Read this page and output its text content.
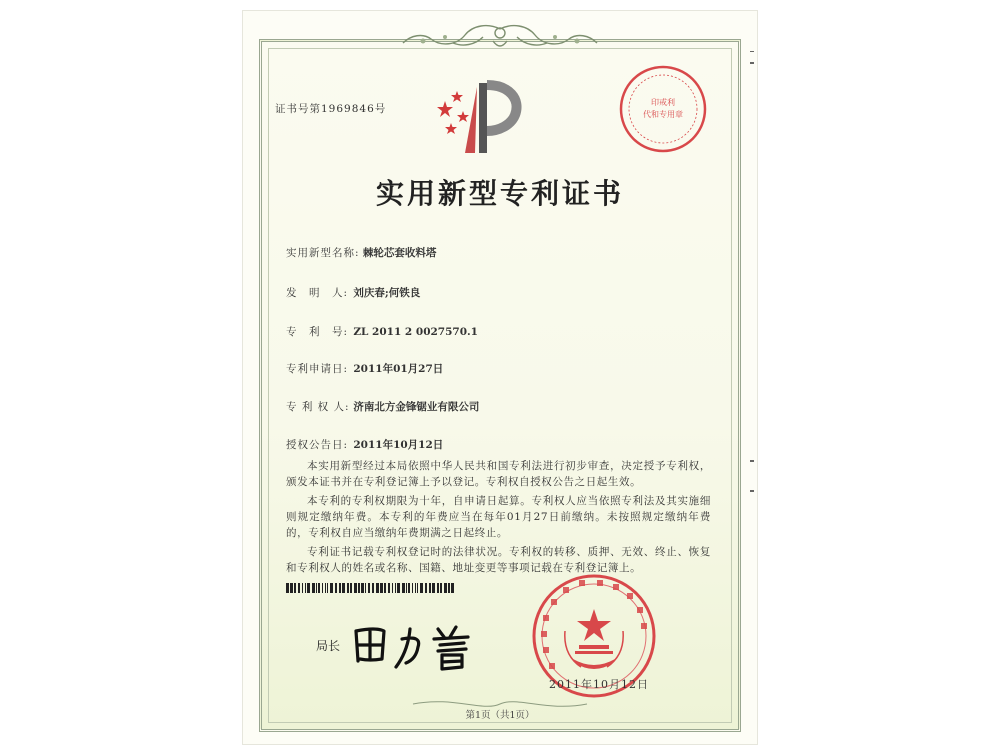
证书号第1969846号
印戒利
代和专用章
实用新型专利证书
实用新型名称: 棘轮芯套收料塔
发　明　人: 刘庆春;何铁良
专　利　号: ZL 2011 2 0027570.1
专利申请日: 2011年01月27日
专 利 权 人: 济南北方金锋锯业有限公司
授权公告日: 2011年10月12日
本实用新型经过本局依照中华人民共和国专利法进行初步审查，决定授予专利权，颁发本证书并在专利登记簿上予以登记。专利权自授权公告之日起生效。
本专利的专利权期限为十年，自申请日起算。专利权人应当依照专利法及其实施细则规定缴纳年费。本专利的年费应当在每年01月27日前缴纳。未按照规定缴纳年费的，专利权自应当缴纳年费期满之日起终止。
专利证书记载专利权登记时的法律状况。专利权的转移、质押、无效、终止、恢复和专利权人的姓名或名称、国籍、地址变更等事项记载在专利登记簿上。
局长
2011年10月12日
第1页（共1页）
